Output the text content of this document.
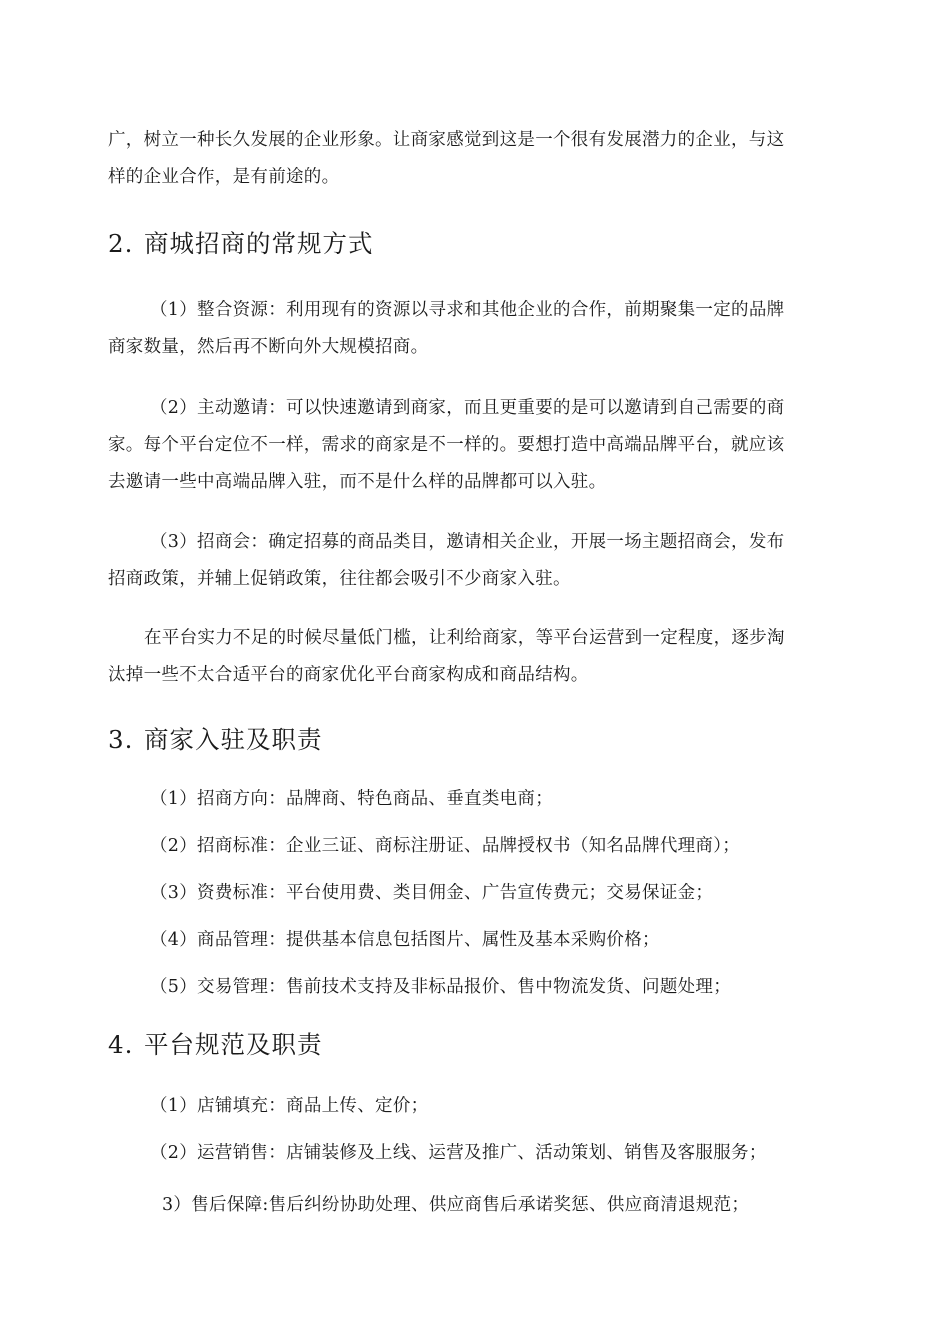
广，树立一种长久发展的企业形象。让商家感觉到这是一个很有发展潜力的企业，与这
样的企业合作，是有前途的。
2. 商城招商的常规方式
（1）整合资源：利用现有的资源以寻求和其他企业的合作，前期聚集一定的品牌
商家数量，然后再不断向外大规模招商。
（2）主动邀请：可以快速邀请到商家，而且更重要的是可以邀请到自己需要的商
家。每个平台定位不一样，需求的商家是不一样的。要想打造中高端品牌平台，就应该
去邀请一些中高端品牌入驻，而不是什么样的品牌都可以入驻。
（3）招商会：确定招募的商品类目，邀请相关企业，开展一场主题招商会，发布
招商政策，并辅上促销政策，往往都会吸引不少商家入驻。
在平台实力不足的时候尽量低门槛，让利给商家，等平台运营到一定程度，逐步淘
汰掉一些不太合适平台的商家优化平台商家构成和商品结构。
3. 商家入驻及职责
（1）招商方向：品牌商、特色商品、垂直类电商；
（2）招商标准：企业三证、商标注册证、品牌授权书（知名品牌代理商）；
（3）资费标准：平台使用费、类目佣金、广告宣传费元；交易保证金；
（4）商品管理：提供基本信息包括图片、属性及基本采购价格；
（5）交易管理：售前技术支持及非标品报价、售中物流发货、问题处理；
4. 平台规范及职责
（1）店铺填充：商品上传、定价；
（2）运营销售：店铺装修及上线、运营及推广、活动策划、销售及客服服务；
3）售后保障:售后纠纷协助处理、供应商售后承诺奖惩、供应商清退规范；
